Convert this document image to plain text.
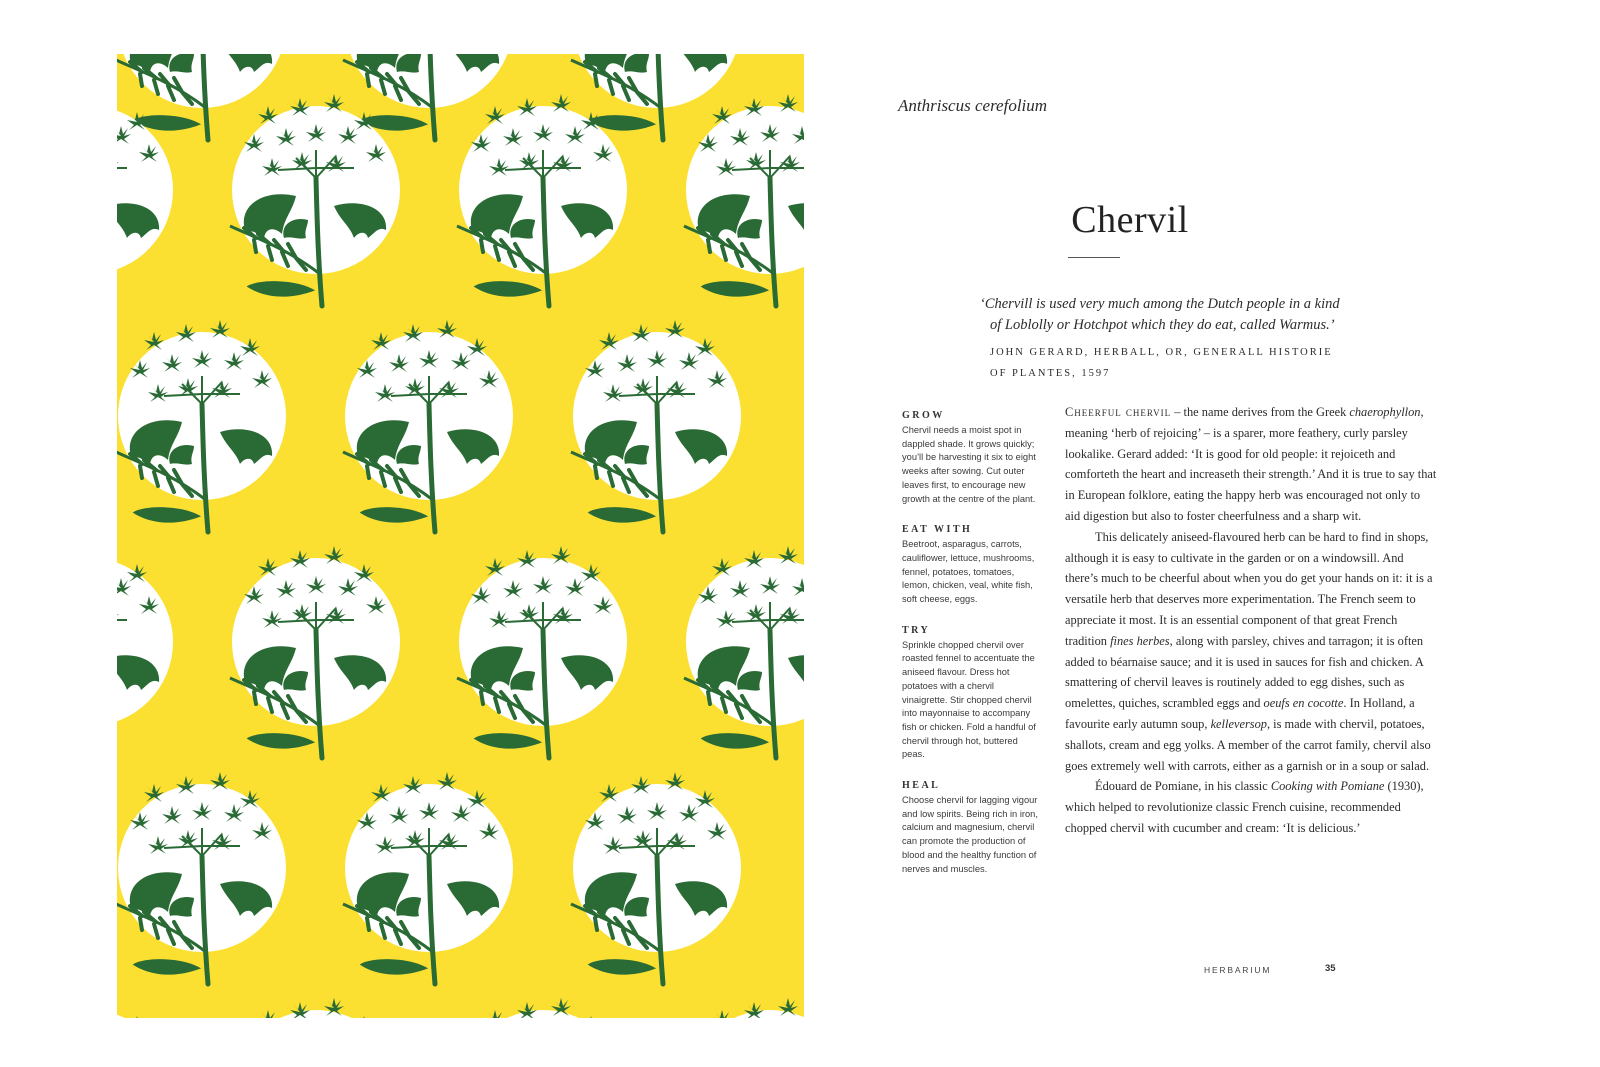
Anthriscus cerefolium

Chervil

‘Chervill is used very much among the Dutch people in a kind
of Loblolly or Hotchpot which they do eat, called Warmus.’

JOHN GERARD, HERBALL, OR, GENERALL HISTORIE
OF PLANTES, 1597

GROW

Chervil needs a moist spot in dappled shade. It grows quickly; you’ll be harvesting it six to eight weeks after sowing. Cut outer leaves first, to encourage new growth at the centre of the plant.

EAT WITH

Beetroot, asparagus, carrots, cauliflower, lettuce, mushrooms, fennel, potatoes, tomatoes, lemon, chicken, veal, white fish, soft cheese, eggs.

TRY

Sprinkle chopped chervil over roasted fennel to accentuate the aniseed flavour. Dress hot potatoes with a chervil vinaigrette. Stir chopped chervil into mayonnaise to accompany fish or chicken. Fold a handful of chervil through hot, buttered peas.

HEAL

Choose chervil for lagging vigour and low spirits. Being rich in iron, calcium and magnesium, chervil can promote the production of blood and the healthy function of nerves and muscles.

Cheerful chervil – the name derives from the Greek chaerophyllon, meaning ‘herb of rejoicing’ – is a sparer, more feathery, curly parsley lookalike. Gerard added: ‘It is good for old people: it rejoiceth and comforteth the heart and increaseth their strength.’ And it is true to say that in European folklore, eating the happy herb was encouraged not only to aid digestion but also to foster cheerfulness and a sharp wit.

This delicately aniseed-flavoured herb can be hard to find in shops, although it is easy to cultivate in the garden or on a windowsill. And there’s much to be cheerful about when you do get your hands on it: it is a versatile herb that deserves more experimentation. The French seem to appreciate it most. It is an essential component of that great French tradition fines herbes, along with parsley, chives and tarragon; it is often added to béarnaise sauce; and it is used in sauces for fish and chicken. A smattering of chervil leaves is routinely added to egg dishes, such as omelettes, quiches, scrambled eggs and oeufs en cocotte. In Holland, a favourite early autumn soup, kelleversop, is made with chervil, potatoes, shallots, cream and egg yolks. A member of the carrot family, chervil also goes extremely well with carrots, either as a garnish or in a soup or salad.

Édouard de Pomiane, in his classic Cooking with Pomiane (1930), which helped to revolutionize classic French cuisine, recommended chopped chervil with cucumber and cream: ‘It is delicious.’

HERBARIUM	35
